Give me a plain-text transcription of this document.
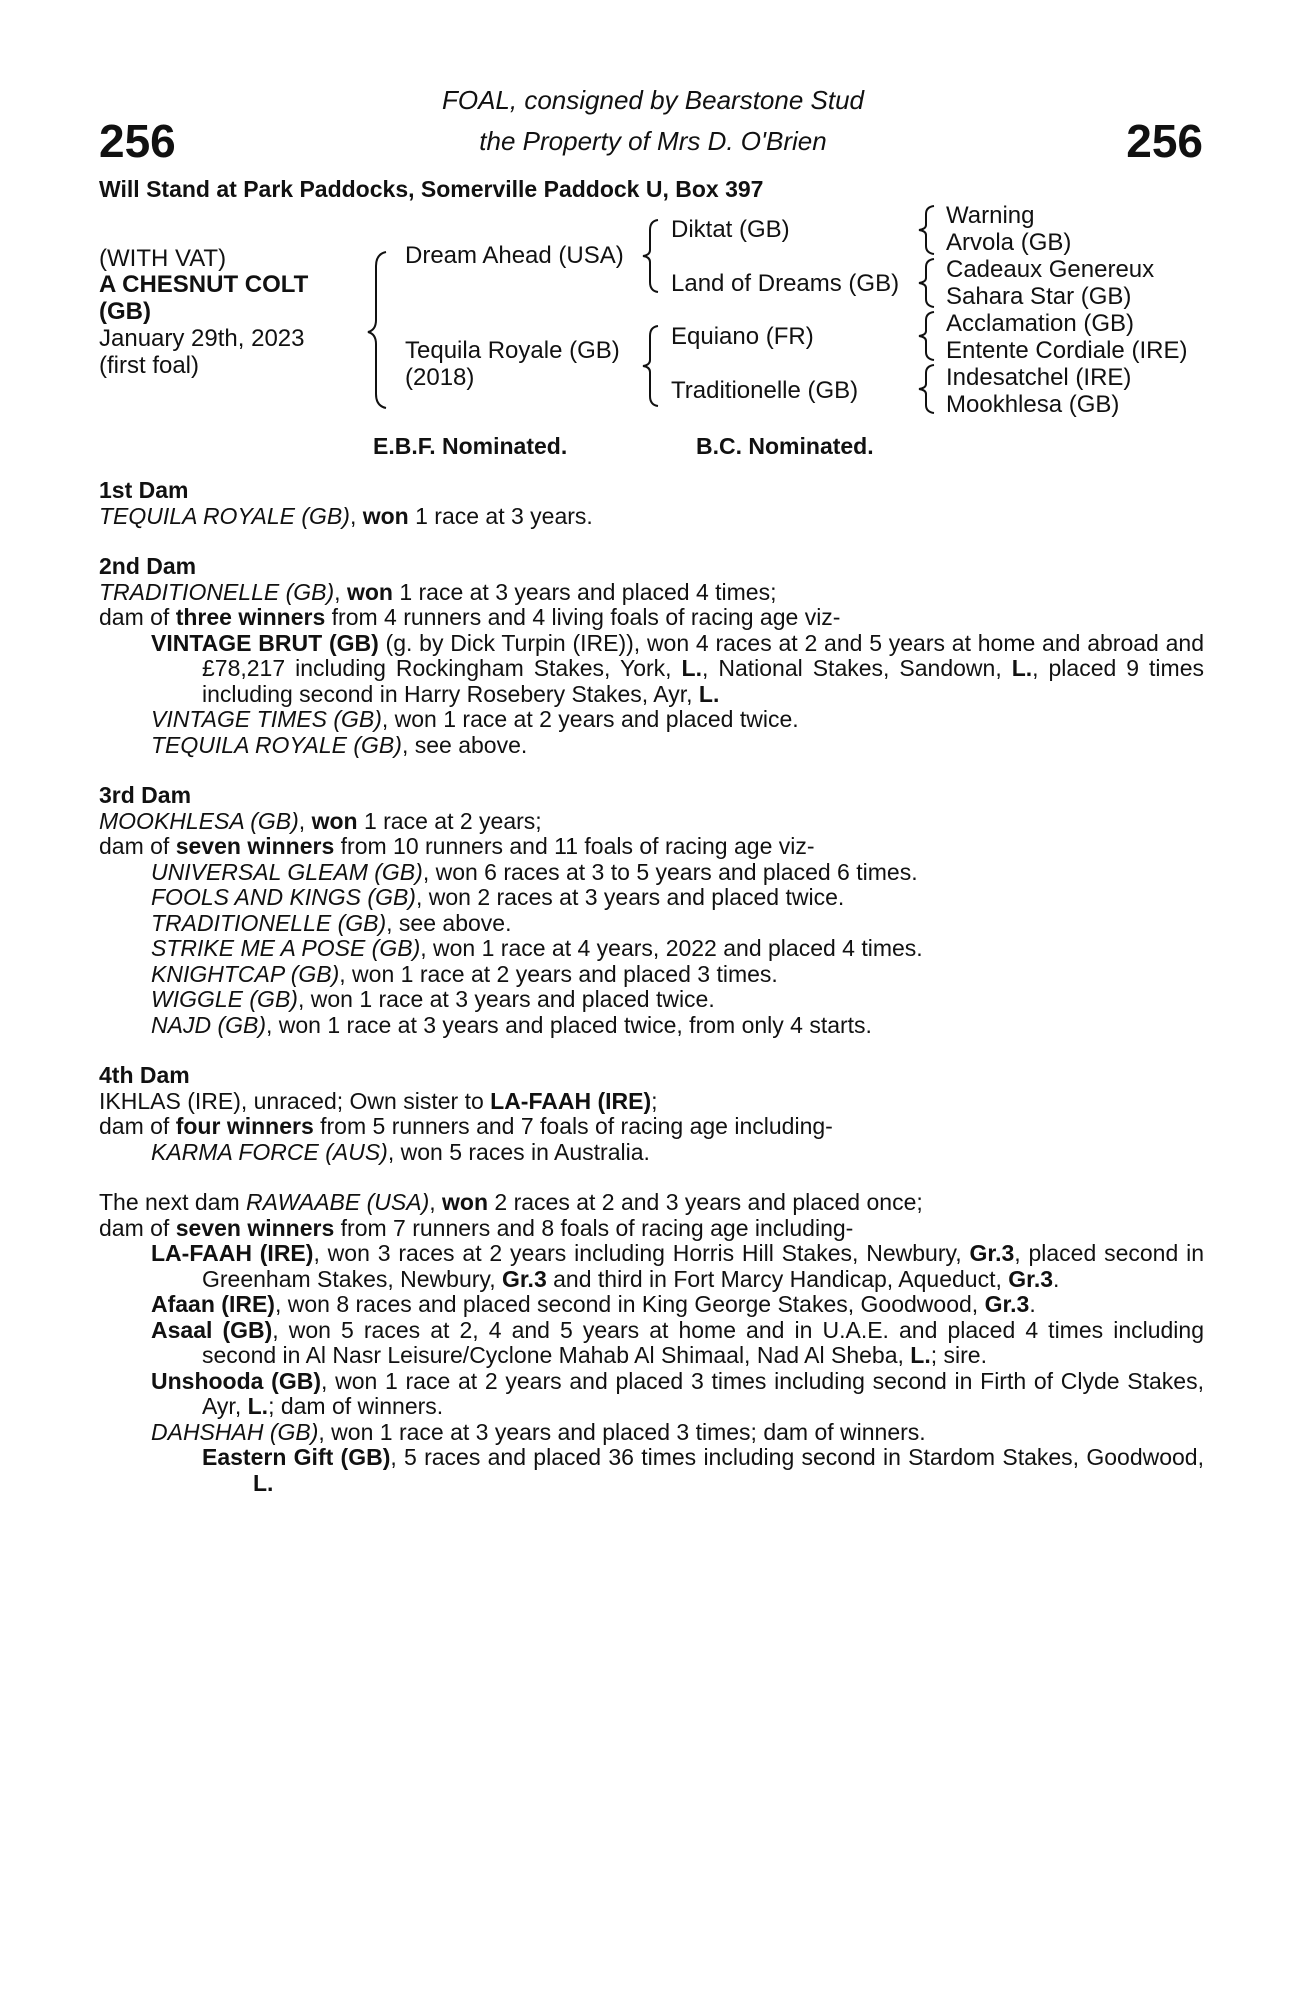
256	256
FOAL, consigned by Bearstone Stud
the Property of Mrs D. O'Brien
Will Stand at Park Paddocks, Somerville Paddock U, Box 397
(WITH VAT)
A CHESNUT COLT
(GB)
January 29th, 2023
(first foal)
Dream Ahead (USA)
Tequila Royale (GB)
(2018)
Diktat (GB)
Land of Dreams (GB)
Equiano (FR)
Traditionelle (GB)
Warning
Arvola (GB)
Cadeaux Genereux
Sahara Star (GB)
Acclamation (GB)
Entente Cordiale (IRE)
Indesatchel (IRE)
Mookhlesa (GB)
E.B.F. Nominated.	B.C. Nominated.
1st Dam
TEQUILA ROYALE (GB), won 1 race at 3 years.
2nd Dam
TRADITIONELLE (GB), won 1 race at 3 years and placed 4 times;
dam of three winners from 4 runners and 4 living foals of racing age viz-
VINTAGE BRUT (GB) (g. by Dick Turpin (IRE)), won 4 races at 2 and 5 years at home and abroad and £78,217 including Rockingham Stakes, York, L., National Stakes, Sandown, L., placed 9 times including second in Harry Rosebery Stakes, Ayr, L.
VINTAGE TIMES (GB), won 1 race at 2 years and placed twice.
TEQUILA ROYALE (GB), see above.
3rd Dam
MOOKHLESA (GB), won 1 race at 2 years;
dam of seven winners from 10 runners and 11 foals of racing age viz-
UNIVERSAL GLEAM (GB), won 6 races at 3 to 5 years and placed 6 times.
FOOLS AND KINGS (GB), won 2 races at 3 years and placed twice.
TRADITIONELLE (GB), see above.
STRIKE ME A POSE (GB), won 1 race at 4 years, 2022 and placed 4 times.
KNIGHTCAP (GB), won 1 race at 2 years and placed 3 times.
WIGGLE (GB), won 1 race at 3 years and placed twice.
NAJD (GB), won 1 race at 3 years and placed twice, from only 4 starts.
4th Dam
IKHLAS (IRE), unraced; Own sister to LA-FAAH (IRE);
dam of four winners from 5 runners and 7 foals of racing age including-
KARMA FORCE (AUS), won 5 races in Australia.
The next dam RAWAABE (USA), won 2 races at 2 and 3 years and placed once;
dam of seven winners from 7 runners and 8 foals of racing age including-
LA-FAAH (IRE), won 3 races at 2 years including Horris Hill Stakes, Newbury, Gr.3, placed second in Greenham Stakes, Newbury, Gr.3 and third in Fort Marcy Handicap, Aqueduct, Gr.3.
Afaan (IRE), won 8 races and placed second in King George Stakes, Goodwood, Gr.3.
Asaal (GB), won 5 races at 2, 4 and 5 years at home and in U.A.E. and placed 4 times including second in Al Nasr Leisure/Cyclone Mahab Al Shimaal, Nad Al Sheba, L.; sire.
Unshooda (GB), won 1 race at 2 years and placed 3 times including second in Firth of Clyde Stakes, Ayr, L.; dam of winners.
DAHSHAH (GB), won 1 race at 3 years and placed 3 times; dam of winners.
Eastern Gift (GB), 5 races and placed 36 times including second in Stardom Stakes, Goodwood, L.
